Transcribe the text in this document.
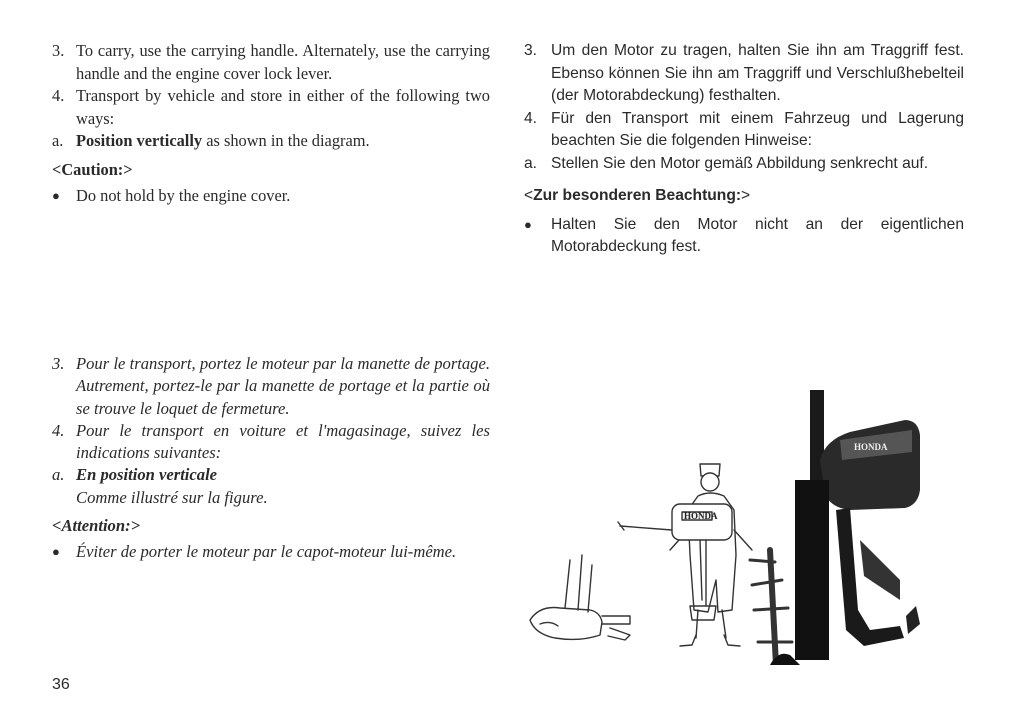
3. To carry, use the carrying handle. Alternately, use the carrying handle and the engine cover lock lever.
4. Transport by vehicle and store in either of the following two ways:
a. Position vertically as shown in the diagram.
<Caution:>
● Do not hold by the engine cover.
3. Um den Motor zu tragen, halten Sie ihn am Traggriff fest. Ebenso können Sie ihn am Traggriff und Verschlußhebelteil (der Motorabdeckung) festhalten.
4. Für den Transport mit einem Fahrzeug und Lagerung beachten Sie die folgenden Hinweise:
a. Stellen Sie den Motor gemäß Abbildung senkrecht auf.
<Zur besonderen Beachtung:>
●	Halten Sie den Motor nicht an der eigentlichen Motorabdeckung fest.
3. Pour le transport, portez le moteur par la manette de portage. Autrement, portez-le par la manette de portage et la partie où se trouve le loquet de fermeture.
4. Pour le transport en voiture et l'magasinage, suivez les indications suivantes:
a. En position verticale
Comme illustré sur la figure.
<Attention:>
● Éviter de porter le moteur par le capot-moteur lui-même.
HONDA
HONDA
36
